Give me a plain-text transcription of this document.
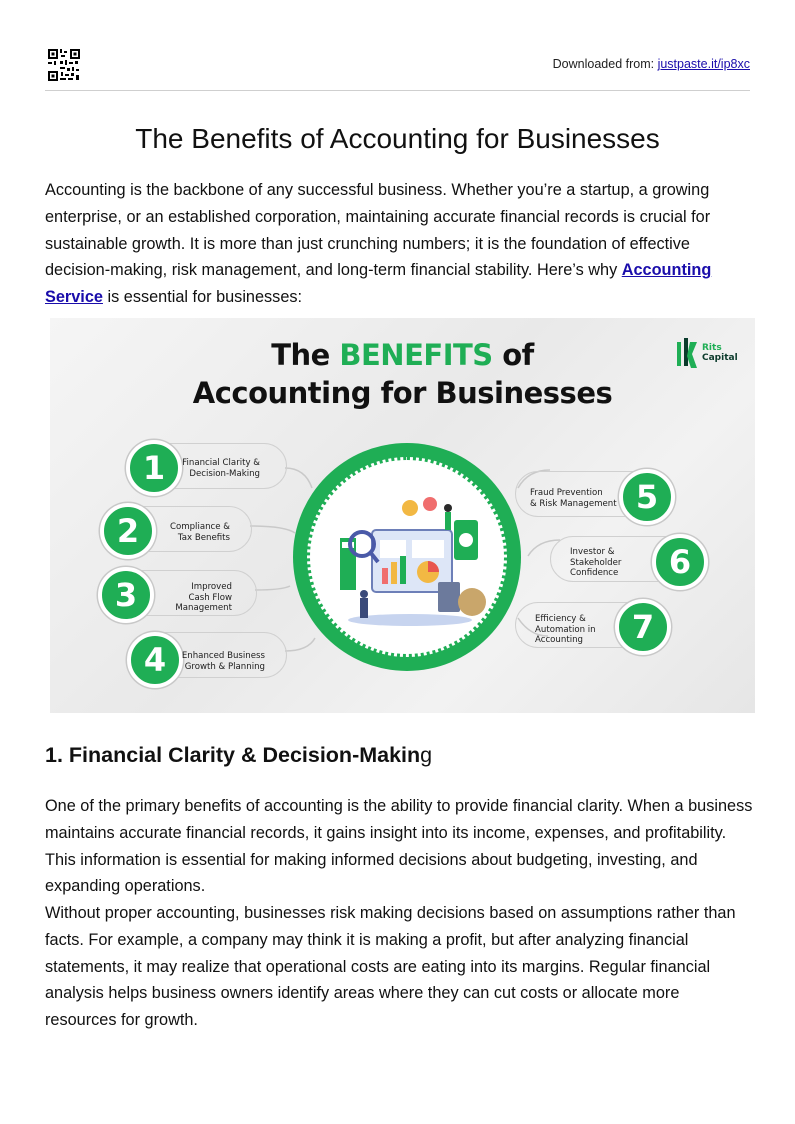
Downloaded from: justpaste.it/ip8xc
The Benefits of Accounting for Businesses

Accounting is the backbone of any successful business. Whether you’re a startup, a growing enterprise, or an established corporation, maintaining accurate financial records is crucial for sustainable growth. It is more than just crunching numbers; it is the foundation of effective decision-making, risk management, and long-term financial stability. Here’s why Accounting Service is essential for businesses:

The BENEFITS of
Accounting for Businesses
Rits
Capital
1	Financial Clarity &
Decision-Making
2	Compliance &
Tax Benefits
3	Improved
Cash Flow
Management
4	Enhanced Business
Growth & Planning
5
Fraud Prevention
& Risk Management
6
Investor &
Stakeholder
Confidence
7
Efficiency &
Automation in
Accounting
1. Financial Clarity & Decision-Making

One of the primary benefits of accounting is the ability to provide financial clarity. When a business maintains accurate financial records, it gains insight into its income, expenses, and profitability. This information is essential for making informed decisions about budgeting, investing, and expanding operations.

Without proper accounting, businesses risk making decisions based on assumptions rather than facts. For example, a company may think it is making a profit, but after analyzing financial statements, it may realize that operational costs are eating into its margins. Regular financial analysis helps business owners identify areas where they can cut costs or allocate more resources for growth.
